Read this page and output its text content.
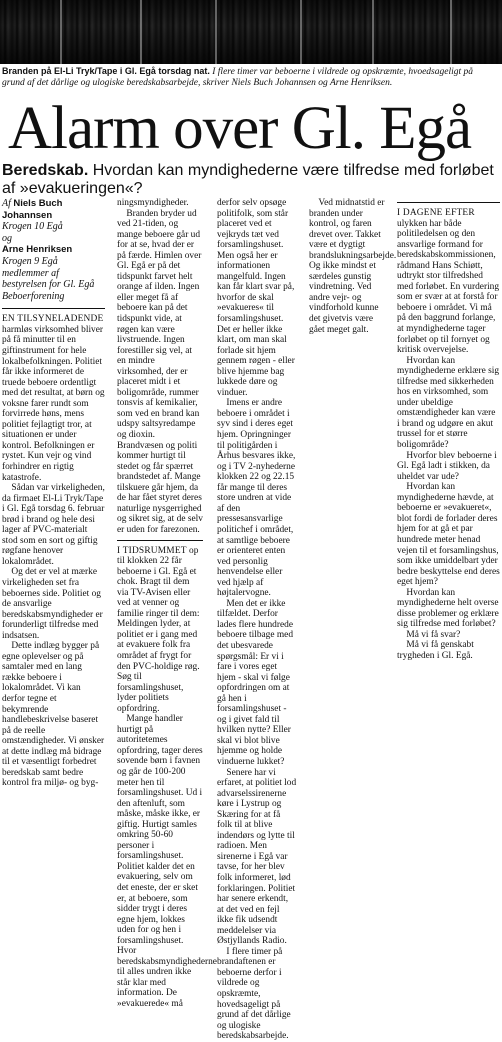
Branden på El-Li Tryk/Tape i Gl. Egå torsdag nat. I flere timer var beboerne i vildrede og opskræmte, hvoedsageligt på grund af det dårlige og ulogiske beredskabsarbejde, skriver Niels Buch Johannsen og Arne Henriksen.
Alarm over Gl. Egå
Beredskab. Hvordan kan myndighederne være tilfredse med forløbet af »evakueringen«?

Af Niels Buch Johannsen
Krogen 10 Egå
og
Arne Henriksen
Krogen 9 Egå
medlemmer af bestyrelsen for Gl. Egå Beboerforening

EN TILSYNELADENDE harmløs virksomhed bliver på få minutter til en giftinstrument for hele lokalbefolkningen. Politiet får ikke informeret de truede beboere ordentligt med det resultat, at børn og voksne farer rundt som forvirrede høns, mens politiet fejlagtigt tror, at situationen er under kontrol. Befolkningen er rystet. Kun vejr og vind forhindrer en rigtig katastrofe.

 Sådan var virkeligheden, da firmaet El-Li Tryk/Tape i Gl. Egå torsdag 6. februar brød i brand og hele desi lager af PVC-materialt stod som en sort og giftig røgfane henover lokalområdet.

 Og det er vel at mærke virkeligheden set fra beboernes side. Politiet og de ansvarlige beredskabsmyndigheder er forunderligt tilfredse med indsatsen.

 Dette indlæg bygger på egne oplevelser og på samtaler med en lang række beboere i lokalområdet. Vi kan derfor tegne et bekymrende handlebeskrivelse baseret på de reelle omstændigheder. Vi ønsker at dette indlæg må bidrage til et væsentligt forbedret beredskab samt bedre kontrol fra miljø- og byg-

ningsmyndigheder.

 Branden bryder ud ved 21-tiden, og mange beboere går ud for at se, hvad der er på færde. Himlen over Gl. Egå er på det tidspunkt farvet helt orange af ilden. Ingen eller meget få af beboere kan på det tidspunkt vide, at røgen kan være livstruende. Ingen forestiller sig vel, at en mindre virksomhed, der er placeret midt i et boligområde, rummer tonsvis af kemikalier, som ved en brand kan udspy saltsyredampe og dioxin. Brandvæsen og politi kommer hurtigt til stedet og får spærret brandstedet af. Mange tilskuere går hjem, da de har fået styret deres naturlige nysgerrighed og sikret sig, at de selv er uden for farezonen.

I TIDSRUMMET op til klokken 22 får beboerne i Gl. Egå et chok. Bragt til dem via TV-Avisen eller ved at venner og familie ringer til dem: Meldingen lyder, at politiet er i gang med at evakuere folk fra området af frygt for den PVC-holdige røg. Søg til forsamlingshuset, lyder politiets opfordring.

 Mange handler hurtigt på autoritetemes opfordring, tager deres sovende børn i favnen og går de 100-200 meter hen til forsamlingshuset. Ud i den aftenluft, som måske, måske ikke, er giftig. Hurtigt samles omkring 50-60 personer i forsamlingshuset. Politiet kalder det en evakuering, selv om det eneste, der er sket er, at beboere, som sidder trygt i deres egne hjem, lokkes uden for og hen i forsamlingshuset. Hvor beredskabsmyndighederne til alles undren ikke står klar med information. De »evakuerede« må

derfor selv opsøge politifolk, som står placeret ved et vejkryds tæt ved forsamlingshuset. Men også her er informationen mangelfuld. Ingen kan får klart svar på, hvorfor de skal »evakueres« til forsamlingshuset. Det er heller ikke klart, om man skal forlade sit hjem gennem røgen - eller blive hjemme bag lukkede døre og vinduer.

 Imens er andre beboere i området i syv sind i deres eget hjem. Opringninger til politigården i Århus besvares ikke, og i TV 2-nyhederne klokken 22 og 22.15 får mange til deres store undren at vide af den pressesansvarlige politichef i området, at samtlige beboere er orienteret enten ved personlig henvendelse eller ved hjælp af højtalervogne.

 Men det er ikke tilfældet. Derfor lades flere hundrede beboere tilbage med det ubesvarede spørgsmål: Er vi i fare i vores eget hjem - skal vi følge opfordringen om at gå hen i forsamlingshuset - og i givet fald til hvilken nytte? Eller skal vi blot blive hjemme og holde vinduerne lukket?

 Senere har vi erfaret, at politiet lod advarselssirenerne køre i Lystrup og Skæring for at få folk til at blive indendørs og lytte til radioen. Men sirenerne i Egå var tavse, for her blev folk informeret, lød forklaringen. Politiet har senere erkendt, at det ved en fejl ikke fik udsendt meddelelser via Østjyllands Radio.

 I flere timer på brandaftenen er beboerne derfor i vildrede og opskræmte, hovedsageligt på grund af det dårlige og ulogiske beredskabsarbejde.

 Ved midnatstid er branden under kontrol, og faren drevet over. Takket være et dygtigt brandslukningsarbejde. Og ikke mindst et særdeles gunstig vindretning. Ved andre vejr- og vindforhold kunne det givetvis være gået meget galt.

I DAGENE EFTER ulykken har både politiledelsen og den ansvarlige formand for beredskabskommissionen, rådmand Hans Schiøtt, udtrykt stor tilfredshed med forløbet. En vurdering som er svær at at forstå for beboere i området. Vi må på den baggrund forlange, at myndighederne tager forløbet op til fornyet og kritisk overvejelse.

 Hvordan kan myndighederne erklære sig tilfredse med sikkerheden hos en virksomhed, som under ubeldige omstændigheder kan være i brand og udgøre en akut trussel for et større boligområde?

 Hvorfor blev beboerne i Gl. Egå ladt i stikken, da uheldet var ude?

 Hvordan kan myndighederne hævde, at beboerne er »evakueret«, blot fordi de forlader deres hjem for at gå et par hundrede meter henad vejen til et forsamlingshus, som ikke umiddelbart yder bedre beskyttelse end deres eget hjem?

 Hvordan kan myndighederne helt overse disse problemer og erklære sig tilfredse med forløbet?

 Må vi få svar?

 Må vi få genskabt trygheden i Gl. Egå.
